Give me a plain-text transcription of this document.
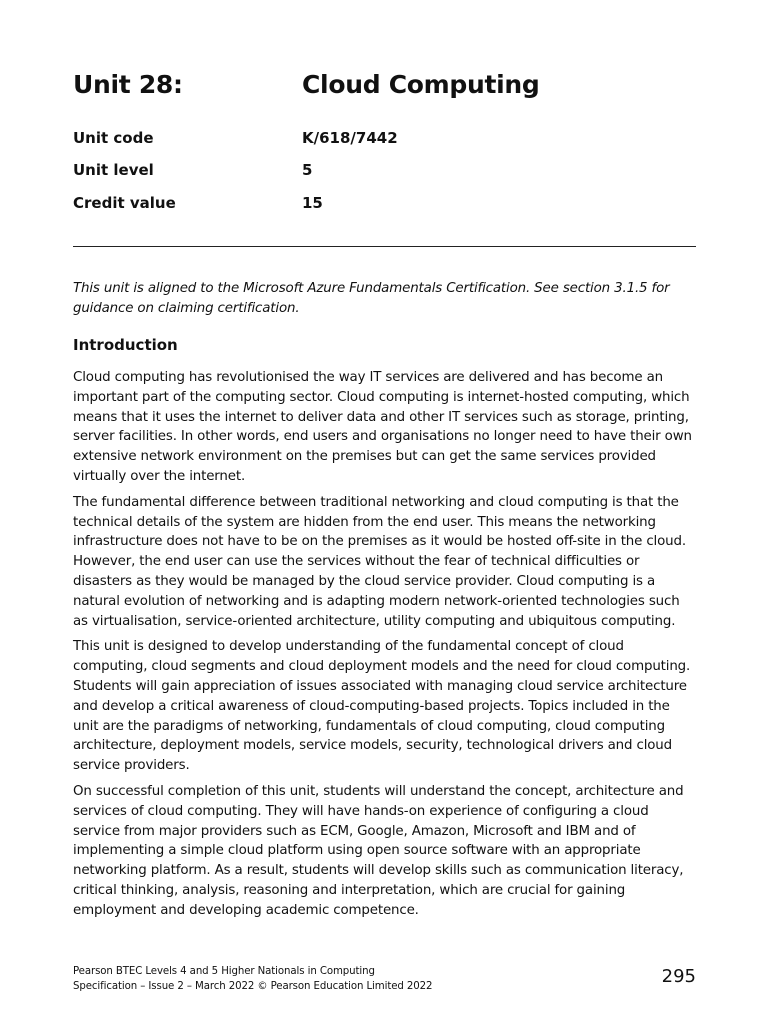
Unit 28:	Cloud Computing
Unit code	K/618/7442
Unit level	5
Credit value	15
This unit is aligned to the Microsoft Azure Fundamentals Certification. See section 3.1.5 for guidance on claiming certification.
Introduction

Cloud computing has revolutionised the way IT services are delivered and has become an important part of the computing sector. Cloud computing is internet-hosted computing, which means that it uses the internet to deliver data and other IT services such as storage, printing, server facilities. In other words, end users and organisations no longer need to have their own extensive network environment on the premises but can get the same services provided virtually over the internet.

The fundamental difference between traditional networking and cloud computing is that the technical details of the system are hidden from the end user. This means the networking infrastructure does not have to be on the premises as it would be hosted off-site in the cloud. However, the end user can use the services without the fear of technical difficulties or disasters as they would be managed by the cloud service provider. Cloud computing is a natural evolution of networking and is adapting modern network-oriented technologies such as virtualisation, service-oriented architecture, utility computing and ubiquitous computing.

This unit is designed to develop understanding of the fundamental concept of cloud computing, cloud segments and cloud deployment models and the need for cloud computing. Students will gain appreciation of issues associated with managing cloud service architecture and develop a critical awareness of cloud-computing-based projects. Topics included in the unit are the paradigms of networking, fundamentals of cloud computing, cloud computing architecture, deployment models, service models, security, technological drivers and cloud service providers.

On successful completion of this unit, students will understand the concept, architecture and services of cloud computing. They will have hands-on experience of configuring a cloud service from major providers such as ECM, Google, Amazon, Microsoft and IBM and of implementing a simple cloud platform using open source software with an appropriate networking platform. As a result, students will develop skills such as communication literacy, critical thinking, analysis, reasoning and interpretation, which are crucial for gaining employment and developing academic competence.

Pearson BTEC Levels 4 and 5 Higher Nationals in Computing
Specification – Issue 2 – March 2022 © Pearson Education Limited 2022	295
